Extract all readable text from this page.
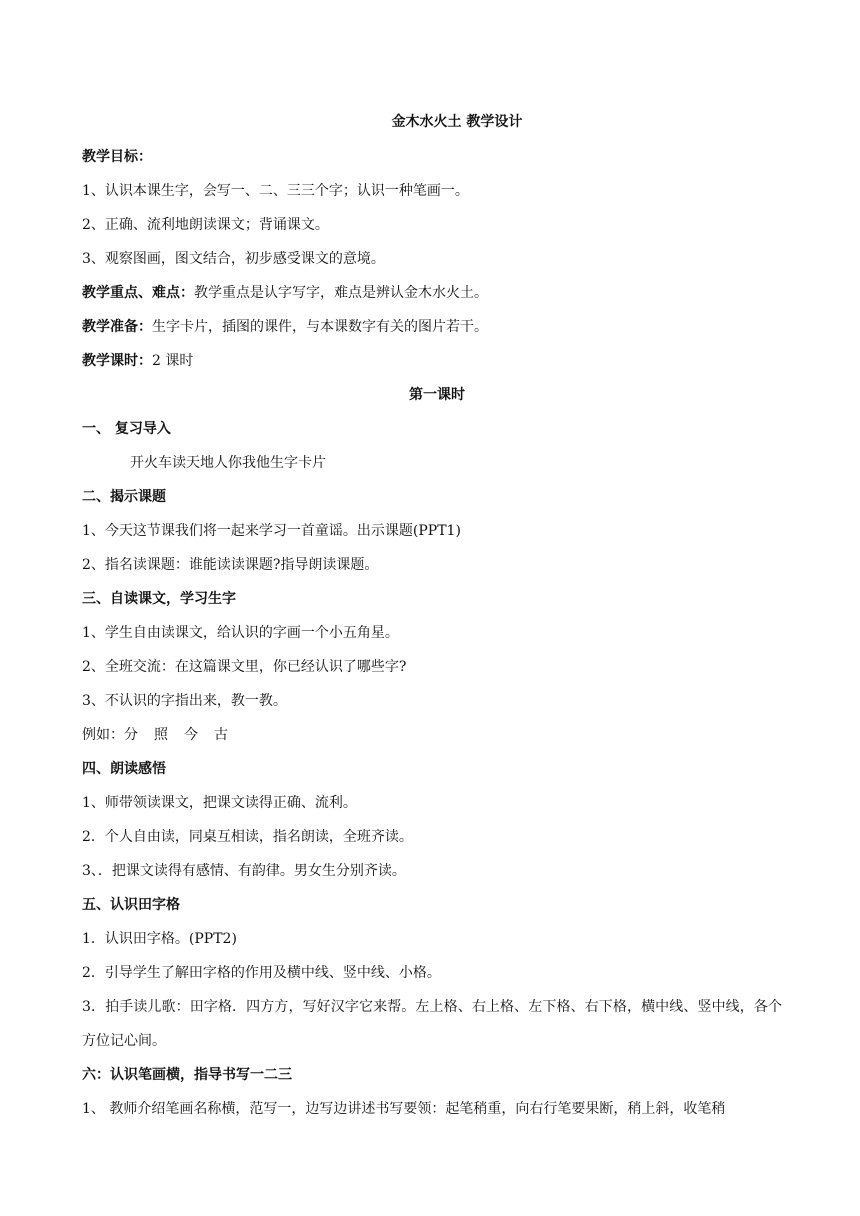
金木水火土 教学设计
教学目标：
1、认识本课生字，会写一、二、三三个字；认识一种笔画一。
2、正确、流利地朗读课文；背诵课文。
3、观察图画，图文结合，初步感受课文的意境。
教学重点、难点：教学重点是认字写字，难点是辨认金木水火土。
教学准备：生字卡片，插图的课件，与本课数字有关的图片若干。
教学课时：2 课时
第一课时
一、 复习导入
开火车读天地人你我他生字卡片
二、揭示课题
1、今天这节课我们将一起来学习一首童谣。出示课题(PPT1)
2、指名读课题：谁能读读课题?指导朗读课题。
三、自读课文，学习生字
1、学生自由读课文，给认识的字画一个小五角星。
2、全班交流：在这篇课文里，你已经认识了哪些字?
3、不认识的字指出来，教一教。
例如：分 照 今 古
四、朗读感悟
1、师带领读课文，把课文读得正确、流利。
2．个人自由读，同桌互相读，指名朗读，全班齐读。
3、．把课文读得有感情、有韵律。男女生分别齐读。
五、认识田字格
1．认识田字格。(PPT2)
2．引导学生了解田字格的作用及横中线、竖中线、小格。
3．拍手读儿歌：田字格．四方方，写好汉字它来帮。左上格、右上格、左下格、右下格，横中线、竖中线，各个方位记心间。
六：认识笔画横，指导书写一二三
1、 教师介绍笔画名称横，范写一，边写边讲述书写要领：起笔稍重，向右行笔要果断，稍上斜，收笔稍
